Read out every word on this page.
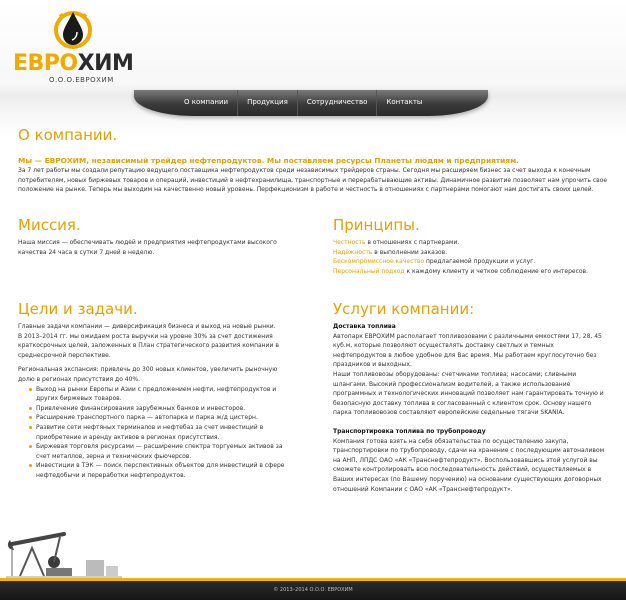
ЕВРОХИМ
О.О.О.ЕВРОХИМ
О компании	Продукция	Сотрудничество	Контакты
О компании.

Мы — ЕВРОХИМ, независимый трейдер нефтепродуктов. Мы поставляем ресурсы Планеты людям и предприятиям.

За 7 лет работы мы создали репутацию ведущего поставщика нефтепродуктов среди независимых трейдеров страны. Сегодня мы расширяем бизнес за счет выхода к конечным потребителям, новых биржевых товаров и операций, инвестиций в нефтехранилища, транспортные и перерабатывающие активы. Динамичное развитие позволяет нам упрочить свое положение на рынке. Теперь мы выходим на качественно новый уровень. Перфекционизм в работе и честность в отношениях с партнерами помогают нам достигать своих целей.

Миссия.

Наша миссия — обеспечивать людей и предприятия нефтепродуктами высокого качества 24 часа в сутки 7 дней в неделю.

Принципы.
Честность в отношениях с партнерами.
Надёжность в выполнении заказов.
Бескомпромиссное качество предлагаемой продукции и услуг.
Персональный подход к каждому клиенту и четкое соблюдение его интересов.
Цели и задачи.
Главные задачи компании — диверсификация бизнеса и выход на новые рынки.
В 2013–2014 гг. мы ожидаем роста выручки на уровне 30% за счет достижения краткосрочных целей, заложенных в План стратегического развития компании в среднесрочной перспективе.
Региональная экспансия: привлечь до 300 новых клиентов, увеличить рыночную долю в регионах присутствия до 40%.
Выход на рынки Европы и Азии с предложением нефти, нефтепродуктов и других биржевых товаров.
Привлечение финансирования зарубежных банков и инвесторов.
Расширение транспортного парка — автопарка и парка ж/д цистерн.
Развитие сети нефтяных терминалов и нефтебаз за счет инвестиций в приобретение и аренду активов в регионах присутствия.
Биржевая торговля ресурсами — расширение спектра торгуемых активов за счет металлов, зерна и технических фьючерсов.
Инвестиции в ТЭК — поиск перспективных объектов для инвестиций в сфере нефтедобычи и переработки нефтепродуктов.
Услуги компании:
Доставка топлива
Автопарк ЕВРОХИМ располагает топливозовами с различными емкостями 17, 28, 45 куб.м, которые позволяют осуществлять доставку светлых и темных нефтепродуктов в любое удобное для Вас время. Мы работаем круглосуточно без праздников и выходных.
Наши топливовозы оборудованы: счетчиками топлива; насосами; сливными шлангами. Высокий профессионализм водителей, а также использование программных и технологических инноваций позволяет нам гарантировать точную и безопасную доставку топлива в согласованный с клиентом срок. Основу нашего парка топливовозов составляют европейские седельные тягачи SKANIA.
Транспортировка топлива по трубопроводу
Компания готова взять на себя обязательства по осуществлению закупа, транспортировки по трубопроводу, сдачи на хранение с последующим автоналивом на АНП, ЛПДС ОАО «АК «Транснефтепродукт». Воспользовавшись этой услугой вы сможете контролировать всю последовательность действий, осуществляемых в Ваших интересах (по Вашему поручению) на основании существующих договорных отношений Компании с ОАО «АК «Транснефтепродукт».
© 2013–2014 О.О.О. ЕВРОХИМ
